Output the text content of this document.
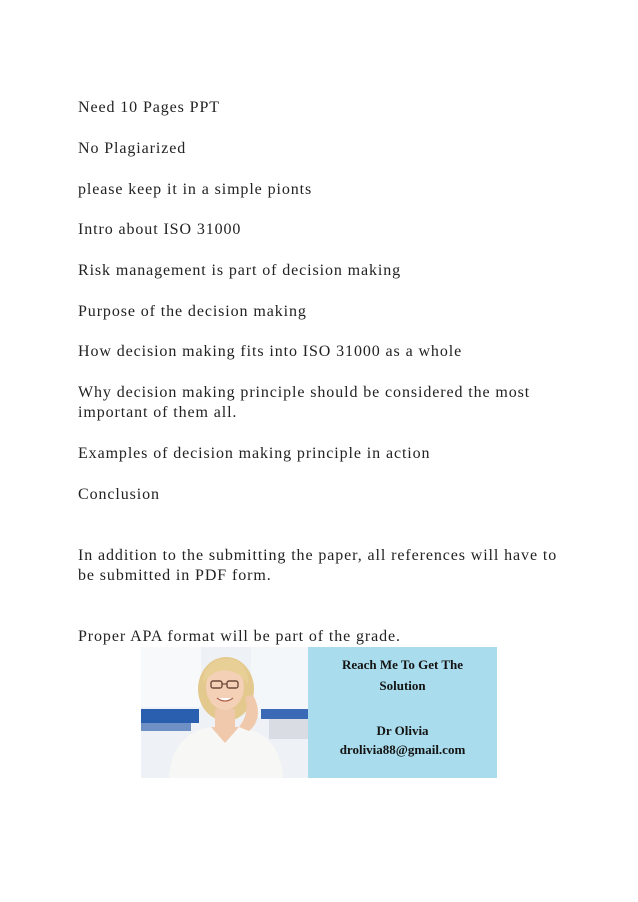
Need 10 Pages PPT

No Plagiarized

please keep it in a simple pionts

Intro about ISO 31000

Risk management is part of decision making

Purpose of the decision making

How decision making fits into ISO 31000 as a whole

Why decision making principle should be considered the most important of them all.

Examples of decision making principle in action

Conclusion

In addition to the submitting the paper, all references will have to be submitted in PDF form.

Proper APA format will be part of the grade.

Reach Me To Get The

Solution

Dr Olivia

drolivia88@gmail.com
